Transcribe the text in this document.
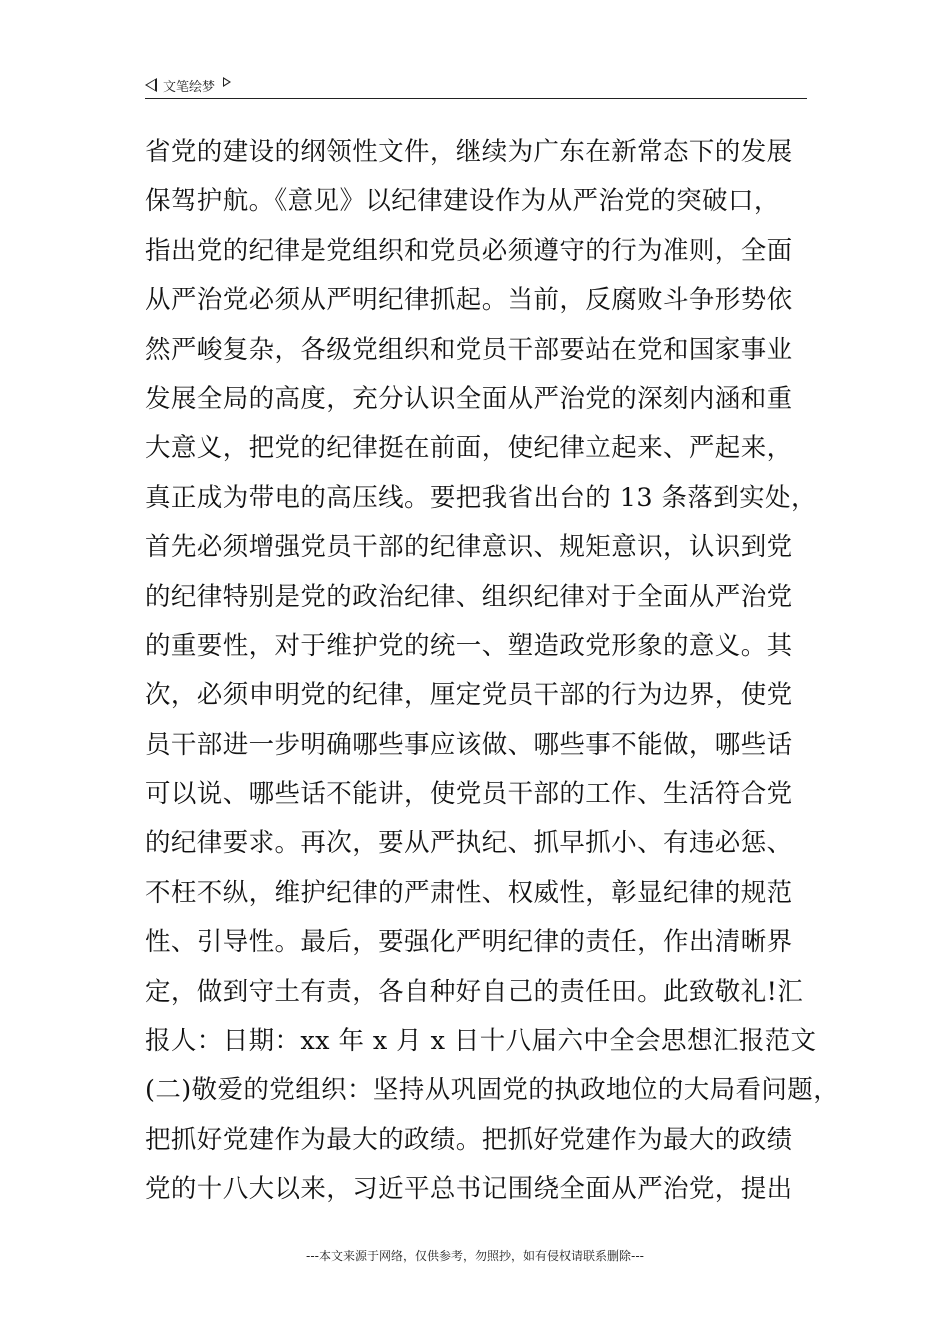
文笔绘梦
省党的建设的纲领性文件，继续为广东在新常态下的发展
保驾护航。《意见》以纪律建设作为从严治党的突破口，
指出党的纪律是党组织和党员必须遵守的行为准则，全面
从严治党必须从严明纪律抓起。当前，反腐败斗争形势依
然严峻复杂，各级党组织和党员干部要站在党和国家事业
发展全局的高度，充分认识全面从严治党的深刻内涵和重
大意义，把党的纪律挺在前面，使纪律立起来、严起来，
真正成为带电的高压线。要把我省出台的 13 条落到实处，
首先必须增强党员干部的纪律意识、规矩意识，认识到党
的纪律特别是党的政治纪律、组织纪律对于全面从严治党
的重要性，对于维护党的统一、塑造政党形象的意义。其
次，必须申明党的纪律，厘定党员干部的行为边界，使党
员干部进一步明确哪些事应该做、哪些事不能做，哪些话
可以说、哪些话不能讲，使党员干部的工作、生活符合党
的纪律要求。再次，要从严执纪、抓早抓小、有违必惩、
不枉不纵，维护纪律的严肃性、权威性，彰显纪律的规范
性、引导性。最后，要强化严明纪律的责任，作出清晰界
定，做到守土有责，各自种好自己的责任田。此致敬礼!汇
报人：日期：xx 年 x 月 x 日十八届六中全会思想汇报范文
(二)敬爱的党组织：坚持从巩固党的执政地位的大局看问题，
把抓好党建作为最大的政绩。把抓好党建作为最大的政绩
党的十八大以来，习近平总书记围绕全面从严治党，提出
---本文来源于网络，仅供参考，勿照抄，如有侵权请联系删除---
